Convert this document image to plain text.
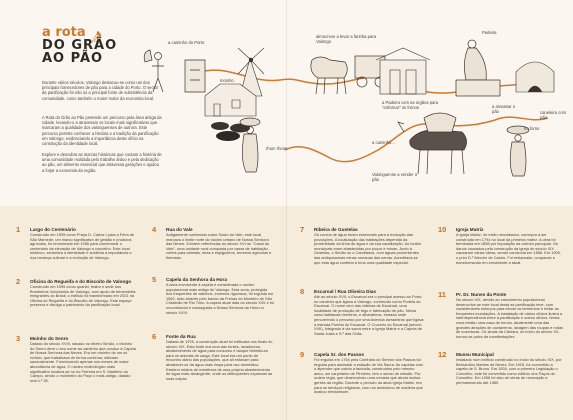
a rota
DO GRÃO
AO PÃO

Durante vários séculos, Valongo destacou-se como um dos principais fornecedores de pão para a cidade do Porto. O sector da panificação foi não só a principal fonte de subsistência da comunidade, como também o maior motor da economia local.

A Rota do Grão ao Pão pretende um percurso pela área antiga da cidade, levando-o a atravessar os locais mais significativos que marcaram a qualidade dos valonguenses de outrora. Este percurso permite conhecer a história e a tradição da panificação em Valongo, evidenciando a importância deste ofício na construção da identidade local.

Explore e descubra as marcas históricas que contam a história de uma comunidade moldada pelo trabalho árduo e pela dedicação ao pão, um alimento essencial que atravessa gerações e ajudou a forjar a economia da região.

a caminho do Porto
moinho
almocreve a levar a farinha para Valongo
Padeira
a Padeira com as orgãos para "enfornar" os fornos	a amassar o pão
no forno
a caminho...
Valonguense a vender o pão
rhom rhom!
caneleira com pão
1 Largo do Centenário
Construído em 1995 como Praça D. Carlos I para a Feira de São Mamede, um marco significativo de gestão e produtos agrícolas, foi renomeado em 1956 para comemorar o centenário da elevação de Valongo a concelho. Este local histórico, simboliza a identidade e sublinha a importância e rica herança cultural e a evolução de Valongo.
2 Oficina do Regueifa e do Biscoito de Valongo
Construído em 1995 como quartel, teatro e sede dos Bombeiros Voluntários de Valongo, com apoio de benemérita emigrantes do Brasil, o edifício foi transformado em 2021 na Oficina do Regueifa e do Biscoito de Valongo. Este espaço preserva e divulga o património da panificação local.
3 Moinho do Senro
Datado do século XVIII, situado no ribeiro Simão, o Moinho do Senro deve o seu nome ao caminho que conduz à Capela de Nossa Senhora das Neves. Era um moinho de um só rodízio, que trabalhava de forma contínua, utilizado sazonalmente. Funcionando apenas nos meses de maior abundância de água. O núcleo molinológico mais significativo localiza-se no rio Ferreira em S. Martinho do Campo, sendo o moinheiro do Paço o mais antigo, datado real n.º 35.
4 Rua do Vale
Antigamente conhecida como Souto do Vale, este local marcava o limite norte do núcleo urbano de Nossa Senhora das Neves. Existem referências do século XVI ao "Casal do Vale", uma unidade rural composta por casas de habitação, cortes para animais, eiras e espigueiros, terrenos agrícolas e florestas.
5 Capela da Senhora da Hora
A área envolvente à capela é considerada o núcleo populacional mais antigo de Valongo. Esta zona, protegida dos frequentes de valinhos, invernos rigorosos, foi erguida em 1562, tudo através pelo bando da Freiras do Mosteiro de São Cristóvão de Rio Tinto. A capela atual data do século XVII e foi reconstruída e consagrada a Nossa Senhora da Hora no século XVIII.
6 Fonte da Rua
Datada de 1978, a construção atual foi edificada nos finais do século XIX. Esta fonte era uma das fontes, lavadouros, abastecimento de água para consumo e tanque bebedouro para os animais de carga. Este local era um ponto de encontro diário das populações, que ali estavam para abastecer-se da água mais limpa para uso doméstico. Existem relatos de existência de uma própria abastecimento de água mais abrangente, onde os delinquentes expiavam as suas culpas.
7 Ribeira de Gustelas
Os cursos de água foram essenciais para a evolução das povoações. A localização das habitações dependia da proximidade da linha de água e da sua canalização. As fontes municipais eram abastecidas por poços e minas. Junto à Gustelas, o Simão ou o Cambados, com águas provenientes das antiquíssimas minas romanas das serras. Acreditava-se que esta água conferia à broa uma qualidade especial.
8 Escaroal / Rua Oliveira Dias
Até ao século XVII, o Escaroal era o principal acesso ao Porto, no caminho que ligava a Valongo, conhecido como Portela do Escaroal. O nome vem das videiras de Escaroal, uma localidade de produção de trigo e fabricação de pão. Nesta zona habitavam ferreiros, e albardeiros, estrada onde percorrendo o percurso por uma Avenida lavradeiras que ligava a estrada Portela do Escaroal. O Cruzeiro do Escaroal (século XVII), integrado à via sacra entre a Igreja Matriz e a Capela de Santa Justa e S.º das Chãs.
9 Capela Sr. dos Passos
Foi erguida em 1754 pela Confraria do Senhor dos Passos foi erguida para assinalar a estação de Via Sacra. As capelas com o alpendre que cobria a fachada, construídos pelo mesmo autor, um carpinteiro de Pinheiro, tem o senso de missão. Por ordem régia, que desenvolveu uma romaria que atraía muitas gentes da região. Durante o período da atual Igreja Matriz, era para os serviços religiosos, com um acréscimo de madeira que acabou remanescer.
10 Igreja Matriz
A Igreja Matriz, de estilo neoclássico, começou a ser construída em 1794 no local da primeira matriz. A obra foi terminada em 1858 por imposição da colecta paroquial. Os danos causados pela construção da igreja do século XIX causaram várias obras, sendo concluída em 1856. Em 1905, o prior D.º Alecrim de Castro. Foi restaurado, ocupando e transformando em envolvente a atual.
11 Pr. Dr. Nunes da Ponte
No século XIX, devido ao crescimento populacional desenvolve-se este local desta as panificação teve, com consideráveis esforços para elevar os fermentos e evitar as frequentes inundações. A instalação de vários ofícios ilustra a interdependência entre a panificação e outros ofícios. Nesta zona existiu uma casa de fornos, atualmente uma das grandes atrações de cantareiros, lavagem das roupas e rodas de cozeduras. Os sinais da Câmara, no início do século XX, tornou-se palco de manifestações.
12 Museu Municipal
Instalado num edifício construído no início do século XIX, por Bernardino Martins de Neves. Em 1925, foi convertido a capela de S. Bruno. Em 1834, com a primeira Legislação o Concelho, este foi convertido como edifício dos Paços do Concelho. Em 1956 foi alvo de obras de renovação e permanecendo até 1989.
